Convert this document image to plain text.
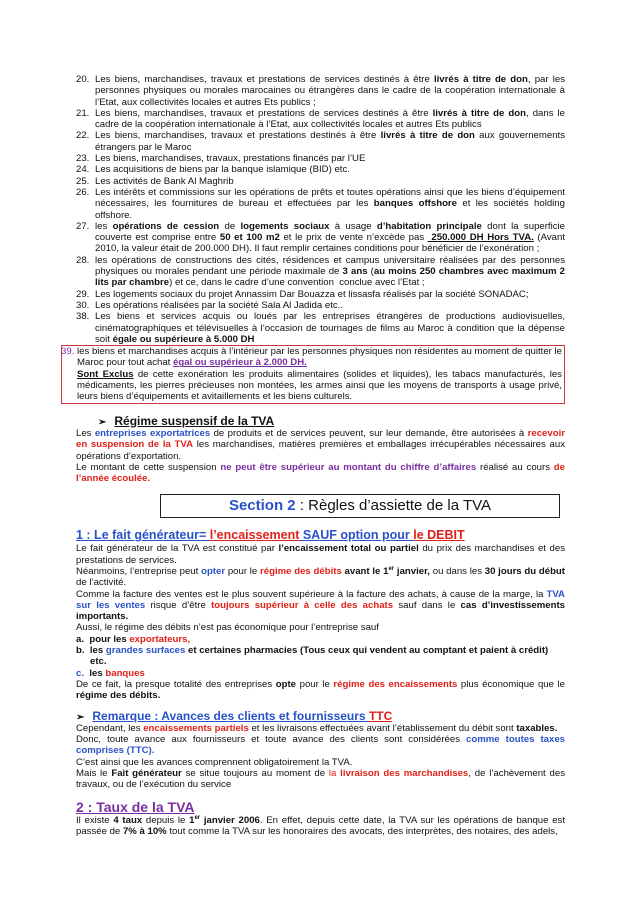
20. Les biens, marchandises, travaux et prestations de services destinés à être livrés à titre de don, par les personnes physiques ou morales marocaines ou étrangères dans le cadre de la coopération internationale à l’Etat, aux collectivités locales et autres Ets publics ;
21. Les biens, marchandises, travaux et prestations de services destinés à être livrés à titre de don, dans le cadre de la coopération internationale à l’Etat, aux collectivités locales et autres Ets publics
22. Les biens, marchandises, travaux et prestations destinés à être livrés à titre de don aux gouvernements étrangers par le Maroc
23. Les biens, marchandises, travaux, prestations financés par l’UE
24. Les acquisitions de biens par la banque islamique (BID) etc.
25. Les activités de Bank Al Maghrib
26. Les intérêts et commissions sur les opérations de prêts et toutes opérations ainsi que les biens d’équipement nécessaires, les fournitures de bureau et effectuées par les banques offshore et les sociétés holding offshore.
27. les opérations de cession de logements sociaux à usage d’habitation principale dont la superficie couverte est comprise entre 50 et 100 m2 et le prix de vente n’excède pas  250.000 DH Hors TVA. (Avant 2010, la valeur était de 200.000 DH). Il faut remplir certaines conditions pour bénéficier de l’exonération ;
28. les opérations de constructions des cités, résidences et campus universitaire réalisées par des personnes physiques ou morales pendant une période maximale de 3 ans (au moins 250 chambres avec maximum 2 lits par chambre) et ce, dans le cadre d’une convention  conclue avec l’Etat ;
29. Les logements sociaux du projet Annassim Dar Bouazza et lissasfa réalisés par la société SONADAC;
30. Les opérations réalisées par la société Sala Al Jadida etc..
38. Les biens et services acquis ou loués par les entreprises étrangères de productions audiovisuelles, cinématographiques et télévisuelles à l’occasion de tournages de films au Maroc à condition que la dépense soit égale ou supérieure à 5.000 DH
39. les biens et marchandises acquis à l’intérieur par les personnes physiques non résidentes au moment de quitter le Maroc pour tout achat égal ou supérieur à 2.000 DH.

Sont Exclus de cette exonération les produits alimentaires (solides et liquides), les tabacs manufacturés, les médicaments, les pierres précieuses non montées, les armes ainsi que les moyens de transports à usage privé, leurs biens d’équipements et avitaillements et les biens culturels.

➢ Régime suspensif de la TVA

Les entreprises exportatrices de produits et de services peuvent, sur leur demande, être autorisées à recevoir en suspension de la TVA les marchandises, matières premières et emballages irrécupérables nécessaires aux opérations d’exportation.

Le montant de cette suspension ne peut être supérieur au montant du chiffre d’affaires réalisé au cours de l’année écoulée.

Section 2 : Règles d’assiette de la TVA
1 : Le fait générateur= l’encaissement SAUF option pour le DEBIT

Le fait générateur de la TVA est constitué par l’encaissement total ou partiel du prix des marchandises et des prestations de services.

Néanmoins, l’entreprise peut opter pour le régime des débits avant le 1er janvier, ou dans les 30 jours du début de l’activité.

Comme la facture des ventes est le plus souvent supérieure à la facture des achats, à cause de la marge, la TVA sur les ventes risque d’être toujours supérieur à celle des achats sauf dans le cas d’investissements importants.

Aussi, le régime des débits n’est pas économique pour l’entreprise sauf

a. pour les exportateurs,

b. les grandes surfaces et certaines pharmacies (Tous ceux qui vendent au comptant et paient à crédit)
etc.

c. les banques

De ce fait, la presque totalité des entreprises opte pour le régime des encaissements plus économique que le régime des débits.

➢ Remarque : Avances des clients et fournisseurs TTC

Cependant, les encaissements partiels et les livraisons effectuées avant l’établissement du débit sont taxables.

Donc, toute avance aux fournisseurs et toute avance des clients sont considérées comme toutes taxes comprises (TTC).

C’est ainsi que les avances comprennent obligatoirement la TVA.

Mais le Fait générateur se situe toujours au moment de la livraison des marchandises, de l’achèvement des travaux, ou de l’exécution du service

2 : Taux de la TVA

Il existe 4 taux depuis le 1er janvier 2006. En effet, depuis cette date, la TVA sur les opérations de banque est passée de 7% à 10% tout comme la TVA sur les honoraires des avocats, des interprètes, des notaires, des adels,
